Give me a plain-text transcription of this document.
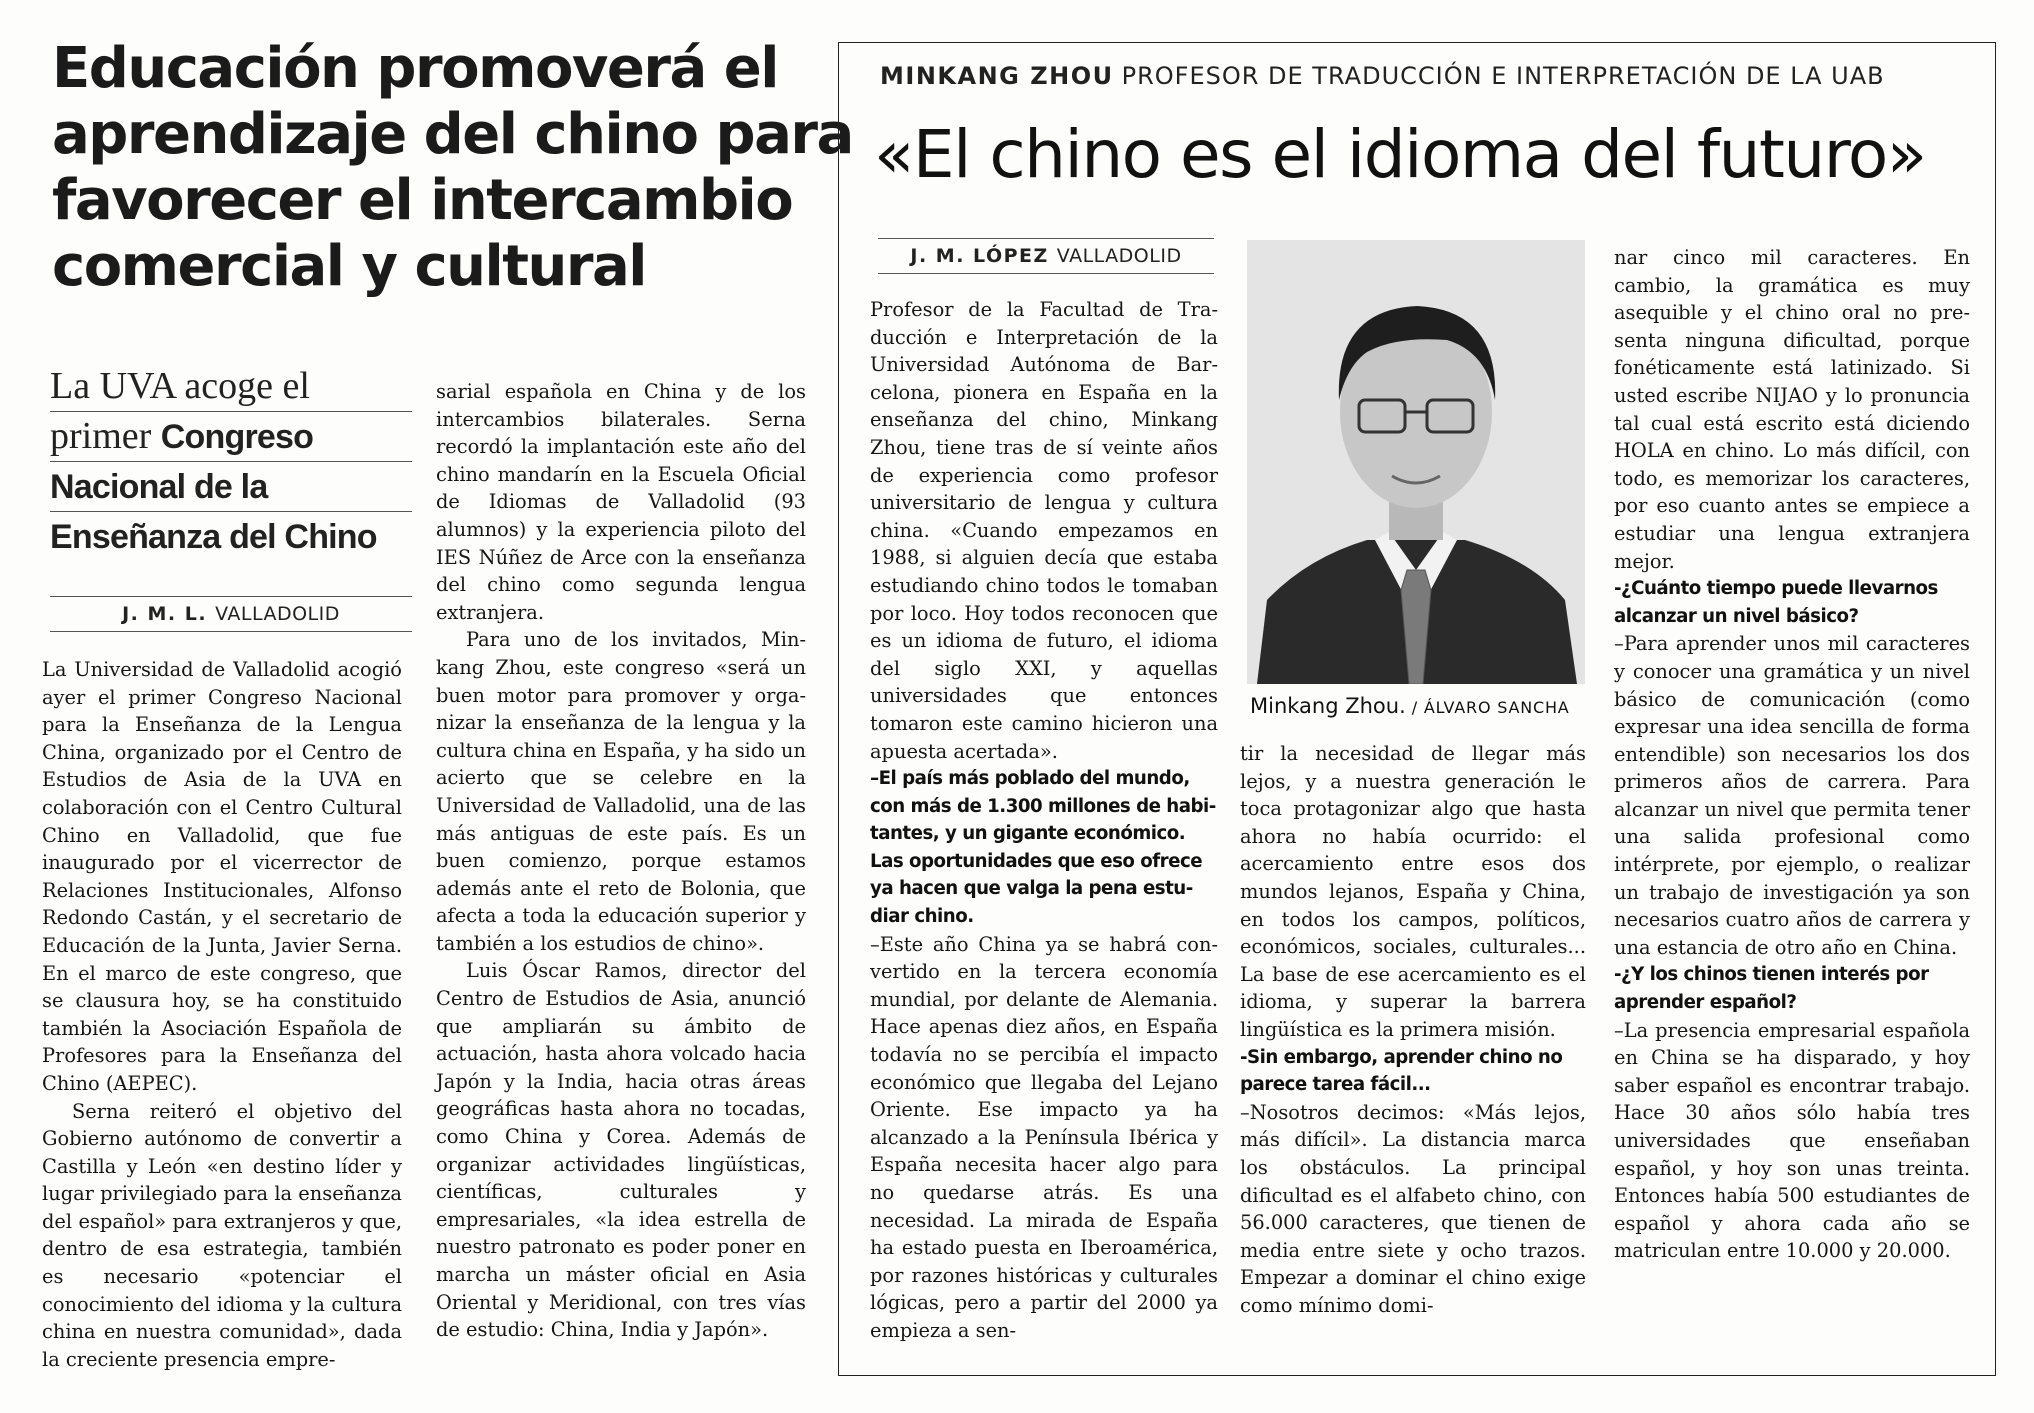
Educación promoverá el
aprendizaje del chino para
favorecer el intercambio
comercial y cultural
La UVA acoge el
primer Congreso
Nacional de la
Enseñanza del Chino
J. M. L. VALLADOLID

La Universidad de Valladolid acogió ayer el primer Congreso Nacional para la Enseñanza de la Lengua China, organizado por el Centro de Estudios de Asia de la UVA en colaboración con el Centro Cultural Chino en Valladolid, que fue inaugurado por el vicerrector de Relaciones Institucionales, Alfonso Redondo Castán, y el secretario de Educación de la Junta, Javier Serna. En el marco de este congreso, que se clausura hoy, se ha constituido también la Asociación Española de Profesores para la Enseñanza del Chino (AEPEC).

Serna reiteró el objetivo del Gobierno autónomo de convertir a Castilla y León «en destino líder y lugar privilegiado para la enseñanza del español» para extranjeros y que, dentro de esa estrategia, también es necesario «potenciar el conocimiento del idioma y la cultura china en nuestra comunidad», dada la creciente presencia empre-

sarial española en China y de los intercambios bilaterales. Serna recordó la implantación este año del chino mandarín en la Escuela Oficial de Idiomas de Valladolid (93 alumnos) y la experiencia piloto del IES Núñez de Arce con la enseñanza del chino como segunda lengua extranjera.

Para uno de los invitados, Minkang Zhou, este congreso «será un buen motor para promover y organizar la enseñanza de la lengua y la cultura china en España, y ha sido un acierto que se celebre en la Universidad de Valladolid, una de las más antiguas de este país. Es un buen comienzo, porque estamos además ante el reto de Bolonia, que afecta a toda la educación superior y también a los estudios de chino».

Luis Óscar Ramos, director del Centro de Estudios de Asia, anunció que ampliarán su ámbito de actuación, hasta ahora volcado hacia Japón y la India, hacia otras áreas geográficas hasta ahora no tocadas, como China y Corea. Además de organizar actividades lingüísticas, científicas, culturales y empresariales, «la idea estrella de nuestro patronato es poder poner en marcha un máster oficial en Asia Oriental y Meridional, con tres vías de estudio: China, India y Japón».

MINKANG ZHOU PROFESOR DE TRADUCCIÓN E INTERPRETACIÓN DE LA UAB
«El chino es el idioma del futuro»
J. M. LÓPEZ VALLADOLID
Minkang Zhou. / ÁLVARO SANCHA

Profesor de la Facultad de Traducción e Interpretación de la Universidad Autónoma de Barcelona, pionera en España en la enseñanza del chino, Minkang Zhou, tiene tras de sí veinte años de experiencia como profesor universitario de lengua y cultura china. «Cuando empezamos en 1988, si alguien decía que estaba estudiando chino todos le tomaban por loco. Hoy todos reconocen que es un idioma de futuro, el idioma del siglo XXI, y aquellas universidades que entonces tomaron este camino hicieron una apuesta acertada».

–El país más poblado del mundo, con más de 1.300 millones de habitantes, y un gigante económico. Las oportunidades que eso ofrece ya hacen que valga la pena estudiar chino.

–Este año China ya se habrá convertido en la tercera economía mundial, por delante de Alemania. Hace apenas diez años, en España todavía no se percibía el impacto económico que llegaba del Lejano Oriente. Ese impacto ya ha alcanzado a la Península Ibérica y España necesita hacer algo para no quedarse atrás. Es una necesidad. La mirada de España ha estado puesta en Iberoamérica, por razones históricas y culturales lógicas, pero a partir del 2000 ya empieza a sen-

tir la necesidad de llegar más lejos, y a nuestra generación le toca protagonizar algo que hasta ahora no había ocurrido: el acercamiento entre esos dos mundos lejanos, España y China, en todos los campos, políticos, económicos, sociales, culturales... La base de ese acercamiento es el idioma, y superar la barrera lingüística es la primera misión.

-Sin embargo, aprender chino no parece tarea fácil...

–Nosotros decimos: «Más lejos, más difícil». La distancia marca los obstáculos. La principal dificultad es el alfabeto chino, con 56.000 caracteres, que tienen de media entre siete y ocho trazos. Empezar a dominar el chino exige como mínimo domi-

nar cinco mil caracteres. En cambio, la gramática es muy asequible y el chino oral no presenta ninguna dificultad, porque fonéticamente está latinizado. Si usted escribe NIJAO y lo pronuncia tal cual está escrito está diciendo HOLA en chino. Lo más difícil, con todo, es memorizar los caracteres, por eso cuanto antes se empiece a estudiar una lengua extranjera mejor.

-¿Cuánto tiempo puede llevarnos alcanzar un nivel básico?

–Para aprender unos mil caracteres y conocer una gramática y un nivel básico de comunicación (como expresar una idea sencilla de forma entendible) son necesarios los dos primeros años de carrera. Para alcanzar un nivel que permita tener una salida profesional como intérprete, por ejemplo, o realizar un trabajo de investigación ya son necesarios cuatro años de carrera y una estancia de otro año en China.

-¿Y los chinos tienen interés por aprender español?

–La presencia empresarial española en China se ha disparado, y hoy saber español es encontrar trabajo. Hace 30 años sólo había tres universidades que enseñaban español, y hoy son unas treinta. Entonces había 500 estudiantes de español y ahora cada año se matriculan entre 10.000 y 20.000.
